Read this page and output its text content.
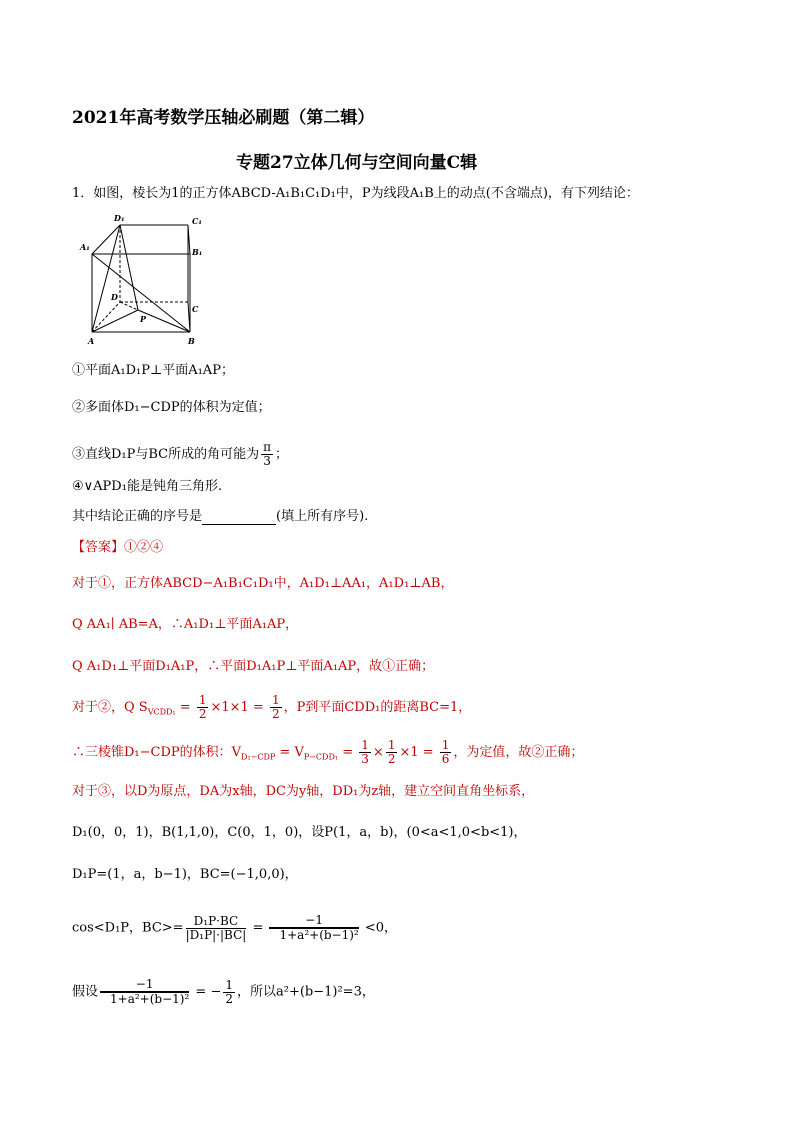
2021年高考数学压轴必刷题（第二辑）
专题27立体几何与空间向量C辑
1．如图，棱长为1的正方体ABCD-A₁B₁C₁D₁中，P为线段A₁B上的动点(不含端点)，有下列结论：
D₁	C₁
A₁	B₁
D
C
P
A	B
①平面A₁D₁P⊥平面A₁AP；
②多面体D₁−CDP的体积为定值；
③直线D₁P与BC所成的角可能为 $\frac{\pi}{3}$ ；
④∨APD₁能是钝角三角形.
其中结论正确的序号是	(填上所有序号).
【答案】①②④
对于①，正方体ABCD−A₁B₁C₁D₁中，A₁D₁⊥AA₁，A₁D₁⊥AB，
Q AA₁∣ AB=A，∴A₁D₁⊥平面A₁AP，
Q A₁D₁⊥平面D₁A₁P，∴平面D₁A₁P⊥平面A₁AP，故①正确；
对于②，Q $S_{VCDD_1} = \frac{1}{2} \times 1\times 1 = \frac{1}{2}$ ，P到平面CDD₁的距离BC=1，
∴三棱锥D₁−CDP的体积：$V_{D_1-CDP} = V_{P-CDD_1} = \frac{1}{3} \times \frac{1}{2} \times 1 = \frac{1}{6}$ ，为定值，故②正确；
对于③，以D为原点，DA为x轴，DC为y轴，DD₁为z轴，建立空间直角坐标系，
D₁(0，0，1)，B(1,1,0)，C(0，1，0)，设P(1，a，b)，(0<a<1,0<b<1)，
D₁P=(1，a，b−1)，BC=(−1,0,0)，
cos<D₁P，$BC>= \frac{\text{D₁P·BC}}{\text{|D₁P|·|BC|}} = \frac{-1}{\text{1+a²+(b−1)²}} <0$，
假设 $\frac{-1}{\text{1+a²+(b−1)²}}$ = − $\frac{1}{2}$ ，所以a²+(b−1)²=3，
